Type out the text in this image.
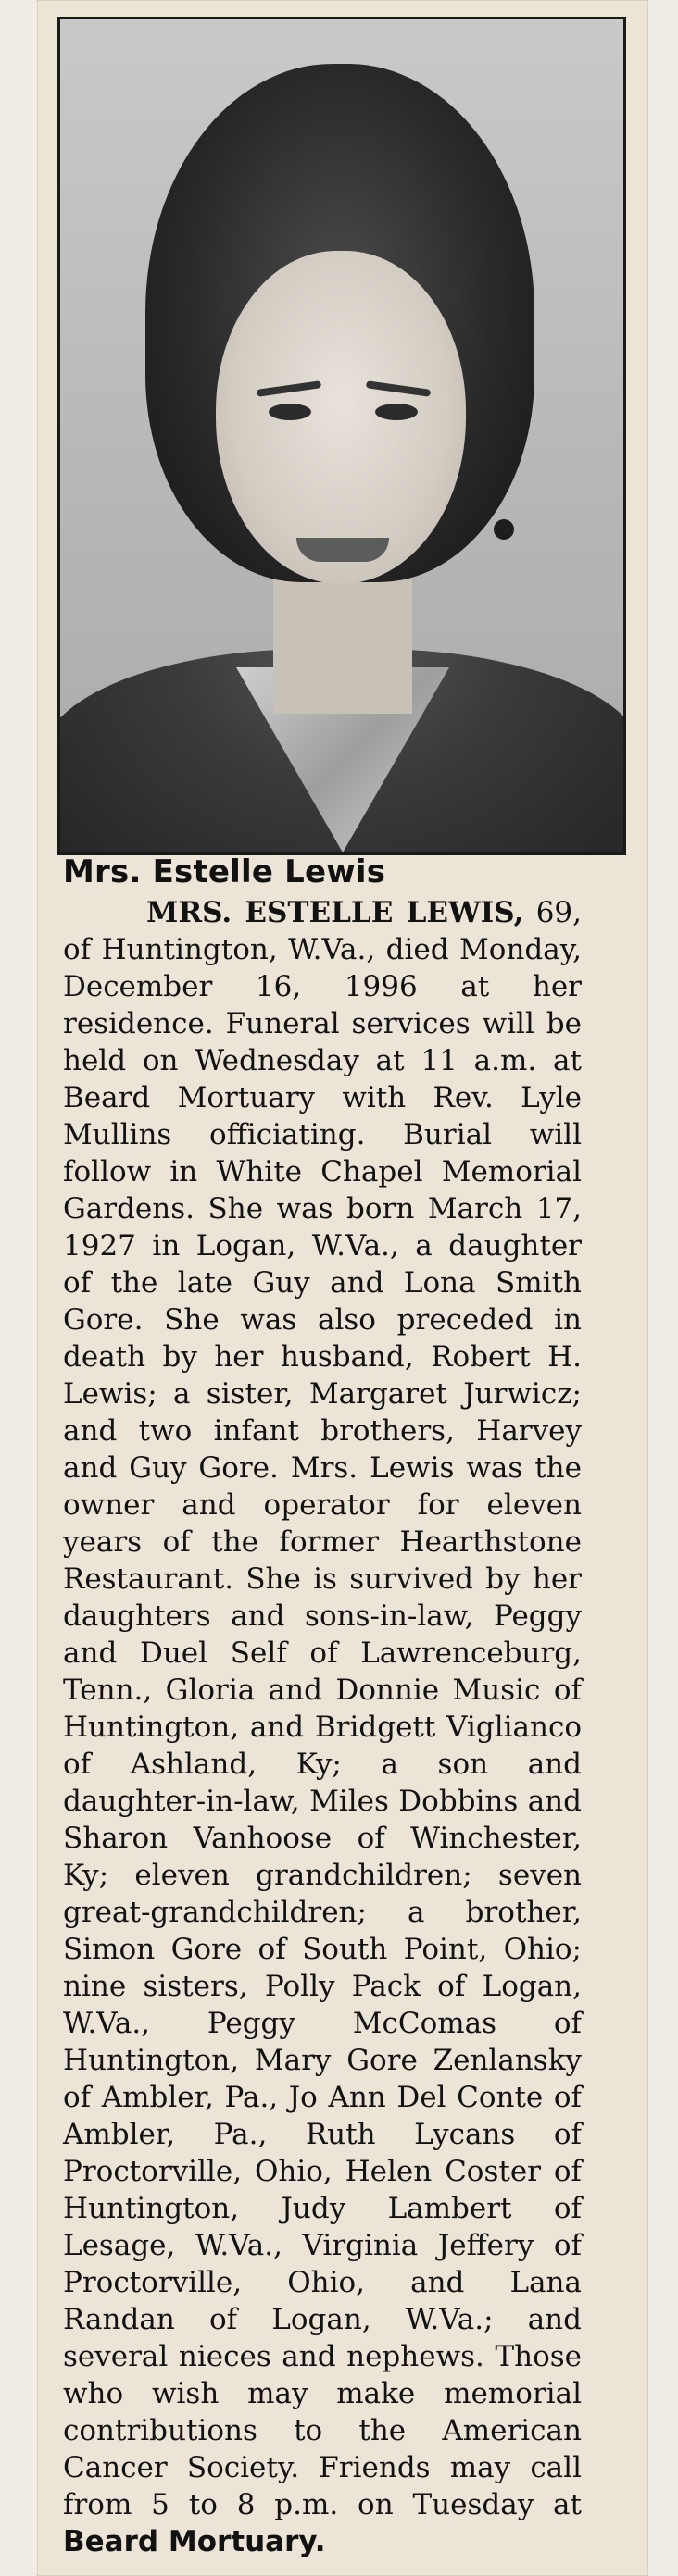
Mrs. Estelle Lewis

MRS. ESTELLE LEWIS, 69, of Huntington, W.Va., died Monday, December 16, 1996 at her residence. Funeral services will be held on Wednesday at 11 a.m. at Beard Mortuary with Rev. Lyle Mullins officiating. Burial will follow in White Chapel Memorial Gardens. She was born March 17, 1927 in Logan, W.Va., a daughter of the late Guy and Lona Smith Gore. She was also preceded in death by her husband, Robert H. Lewis; a sister, Margaret Jurwicz; and two infant brothers, Harvey and Guy Gore. Mrs. Lewis was the owner and operator for eleven years of the former Hearthstone Restaurant. She is survived by her daughters and sons-in-law, Peggy and Duel Self of Lawrenceburg, Tenn., Gloria and Donnie Music of Huntington, and Bridgett Viglianco of Ashland, Ky; a son and daughter-in-law, Miles Dobbins and Sharon Vanhoose of Winchester, Ky; eleven grandchildren; seven great-grandchildren; a brother, Simon Gore of South Point, Ohio; nine sisters, Polly Pack of Logan, W.Va., Peggy McComas of Huntington, Mary Gore Zenlansky of Ambler, Pa., Jo Ann Del Conte of Ambler, Pa., Ruth Lycans of Proctorville, Ohio, Helen Coster of Huntington, Judy Lambert of Lesage, W.Va., Virginia Jeffery of Proctorville, Ohio, and Lana Randan of Logan, W.Va.; and several nieces and nephews. Those who wish may make memorial contributions to the American Cancer Society. Friends may call from 5 to 8 p.m. on Tuesday at Beard Mortuary.
